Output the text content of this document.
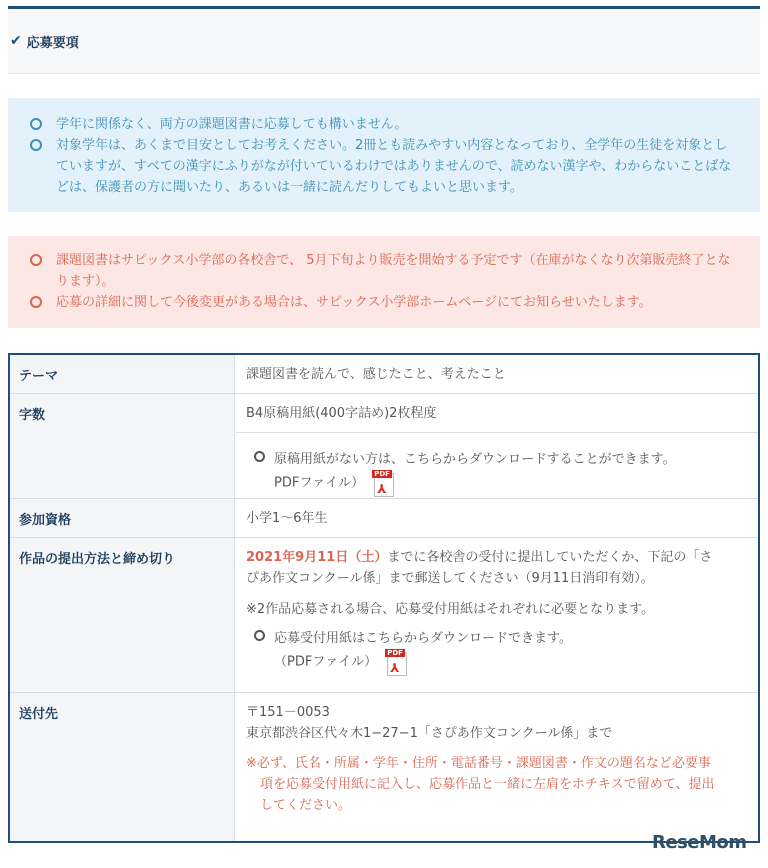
✔ 応募要項
学年に関係なく、両方の課題図書に応募しても構いません。
対象学年は、あくまで目安としてお考えください。2冊とも読みやすい内容となっており、全学年の生徒を対象としていますが、すべての漢字にふりがなが付いているわけではありませんので、読めない漢字や、わからないことばなどは、保護者の方に聞いたり、あるいは一緒に読んだりしてもよいと思います。
課題図書はサピックス小学部の各校舎で、 5月下旬より販売を開始する予定です（在庫がなくなり次第販売終了となります）。
応募の詳細に関して今後変更がある場合は、サピックス小学部ホームページにてお知らせいたします。
テーマ	課題図書を読んで、感じたこと、考えたこと
字数	B4原稿用紙(400字詰め)2枚程度
原稿用紙がない方は、こちらからダウンロードすることができます。
PDFファイル）
PDF
⅄
参加資格	小学1～6年生
作品の提出方法と締め切り	2021年9月11日（土）までに各校舎の受付に提出していただくか、下記の「さ
ぴあ作文コンクール係」まで郵送してください（9月11日消印有効）。
※2作品応募される場合、応募受付用紙はそれぞれに必要となります。
応募受付用紙はこちらからダウンロードできます。
（PDFファイル）
PDF
⅄
送付先	〒151－0053
東京都渋谷区代々木1−27−1「さぴあ作文コンクール係」まで
※必ず、氏名・所属・学年・住所・電話番号・課題図書・作文の題名など必要事
項を応募受付用紙に記入し、応募作品と一緒に左肩をホチキスで留めて、提出
してください。
ReseMom
